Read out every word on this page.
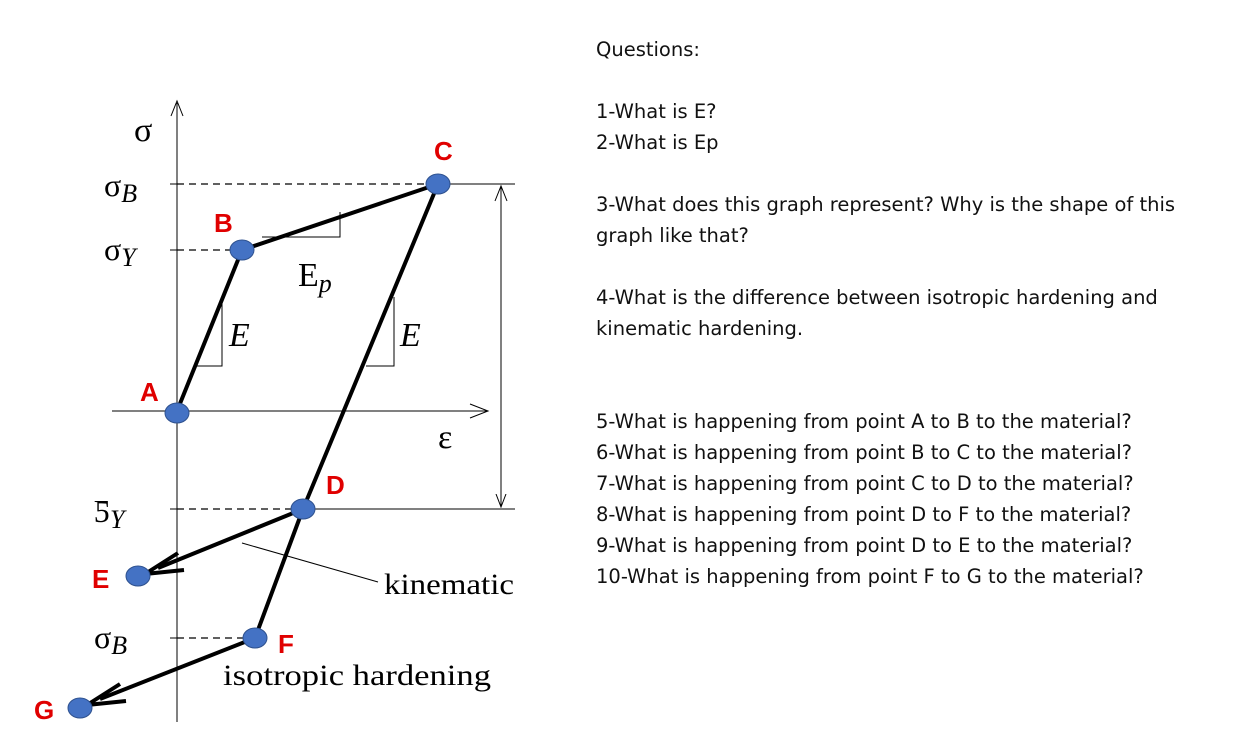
A
B
C
D
E
F
G
σ
ε
σB
σY
ƼY
σB
E
Ep
E
kinematic
isotropic hardening

Questions:

1-What is E?

2-What is Ep

3-What does this graph represent? Why is the shape of this graph like that?

4-What is the difference between isotropic hardening and kinematic hardening.

5-What is happening from point A to B to the material?

6-What is happening from point B to C to the material?

7-What is happening from point C to D to the material?

8-What is happening from point D to F to the material?

9-What is happening from point D to E to the material?

10-What is happening from point F to G to the material?
